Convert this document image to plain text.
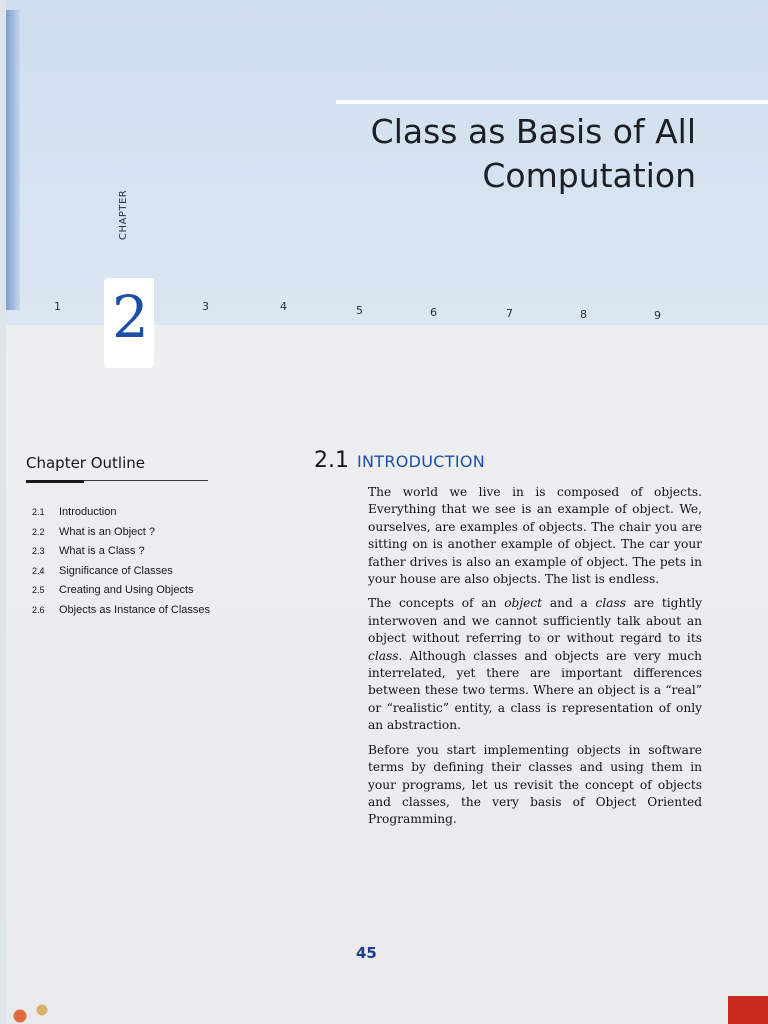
Class as Basis of All
Computation
CHAPTER
2
1	3	4	5	6	7	8	9
Chapter Outline
2.1 Introduction
2.2 What is an Object ?
2.3 What is a Class ?
2.4 Significance of Classes
2.5 Creating and Using Objects
2.6 Objects as Instance of Classes
2.1 INTRODUCTION

The world we live in is composed of objects. Everything that we see is an example of object. We, ourselves, are examples of objects. The chair you are sitting on is another example of object. The car your father drives is also an example of object. The pets in your house are also objects. The list is endless.

The concepts of an object and a class are tightly interwoven and we cannot sufficiently talk about an object without referring to or without regard to its class. Although classes and objects are very much interrelated, yet there are important differences between these two terms. Where an object is a “real” or “realistic” entity, a class is representation of only an abstraction.

Before you start implementing objects in software terms by defining their classes and using them in your programs, let us revisit the concept of objects and classes, the very basis of Object Oriented Programming.

45
